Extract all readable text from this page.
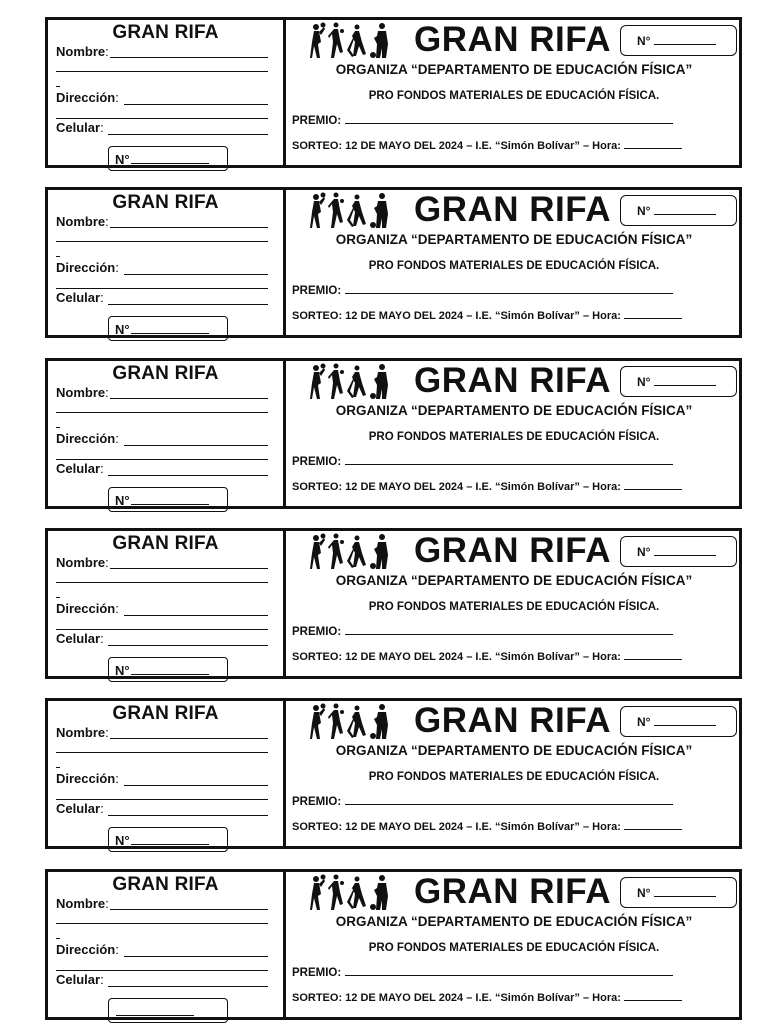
GRAN RIFA
Nombre:
Dirección:
Celular:
N°
GRAN RIFA	N°
ORGANIZA “DEPARTAMENTO DE EDUCACIÓN FÍSICA”
PRO FONDOS MATERIALES DE EDUCACIÓN FÍSICA.
PREMIO:
SORTEO: 12 DE MAYO DEL 2024 – I.E. “Simón Bolívar” – Hora:
GRAN RIFA
Nombre:
Dirección:
Celular:
N°
GRAN RIFA	N°
ORGANIZA “DEPARTAMENTO DE EDUCACIÓN FÍSICA”
PRO FONDOS MATERIALES DE EDUCACIÓN FÍSICA.
PREMIO:
SORTEO: 12 DE MAYO DEL 2024 – I.E. “Simón Bolívar” – Hora:
GRAN RIFA
Nombre:
Dirección:
Celular:
N°
GRAN RIFA	N°
ORGANIZA “DEPARTAMENTO DE EDUCACIÓN FÍSICA”
PRO FONDOS MATERIALES DE EDUCACIÓN FÍSICA.
PREMIO:
SORTEO: 12 DE MAYO DEL 2024 – I.E. “Simón Bolívar” – Hora:
GRAN RIFA
Nombre:
Dirección:
Celular:
N°
GRAN RIFA	N°
ORGANIZA “DEPARTAMENTO DE EDUCACIÓN FÍSICA”
PRO FONDOS MATERIALES DE EDUCACIÓN FÍSICA.
PREMIO:
SORTEO: 12 DE MAYO DEL 2024 – I.E. “Simón Bolívar” – Hora:
GRAN RIFA
Nombre:
Dirección:
Celular:
N°
GRAN RIFA	N°
ORGANIZA “DEPARTAMENTO DE EDUCACIÓN FÍSICA”
PRO FONDOS MATERIALES DE EDUCACIÓN FÍSICA.
PREMIO:
SORTEO: 12 DE MAYO DEL 2024 – I.E. “Simón Bolívar” – Hora:
GRAN RIFA
Nombre:
Dirección:
Celular:
GRAN RIFA	N°
ORGANIZA “DEPARTAMENTO DE EDUCACIÓN FÍSICA”
PRO FONDOS MATERIALES DE EDUCACIÓN FÍSICA.
PREMIO:
SORTEO: 12 DE MAYO DEL 2024 – I.E. “Simón Bolívar” – Hora:
